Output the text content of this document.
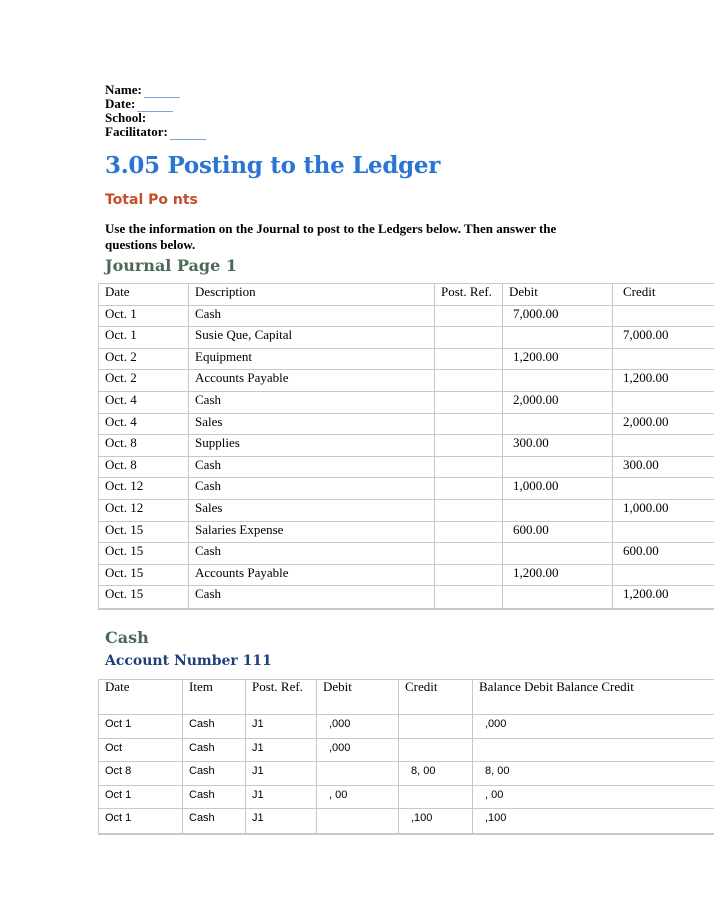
Name:
Date:
School:
Facilitator:
3.05 Posting to the Ledger
Total Po nts
Use the information on the Journal to post to the Ledgers below. Then answer the questions below.
Journal Page 1
Date	Description	Post. Ref.	Debit	Credit
Oct. 1	Cash		7,000.00	
Oct. 1	Susie Que, Capital			7,000.00
Oct. 2	Equipment		1,200.00	
Oct. 2	Accounts Payable			1,200.00
Oct. 4	Cash		2,000.00	
Oct. 4	Sales			2,000.00
Oct. 8	Supplies		300.00	
Oct. 8	Cash			300.00
Oct. 12	Cash		1,000.00	
Oct. 12	Sales			1,000.00
Oct. 15	Salaries Expense		600.00	
Oct. 15	Cash			600.00
Oct. 15	Accounts Payable		1,200.00	
Oct. 15	Cash			1,200.00
Cash
Account Number 111
Date	Item	Post. Ref.	Debit	Credit	Balance Debit Balance Credit
Oct 1	Cash	J1	,000		,000
Oct	Cash	J1	,000		
Oct 8	Cash	J1		8, 00	8, 00
Oct 1	Cash	J1	, 00		, 00
Oct 1	Cash	J1		,100	,100
